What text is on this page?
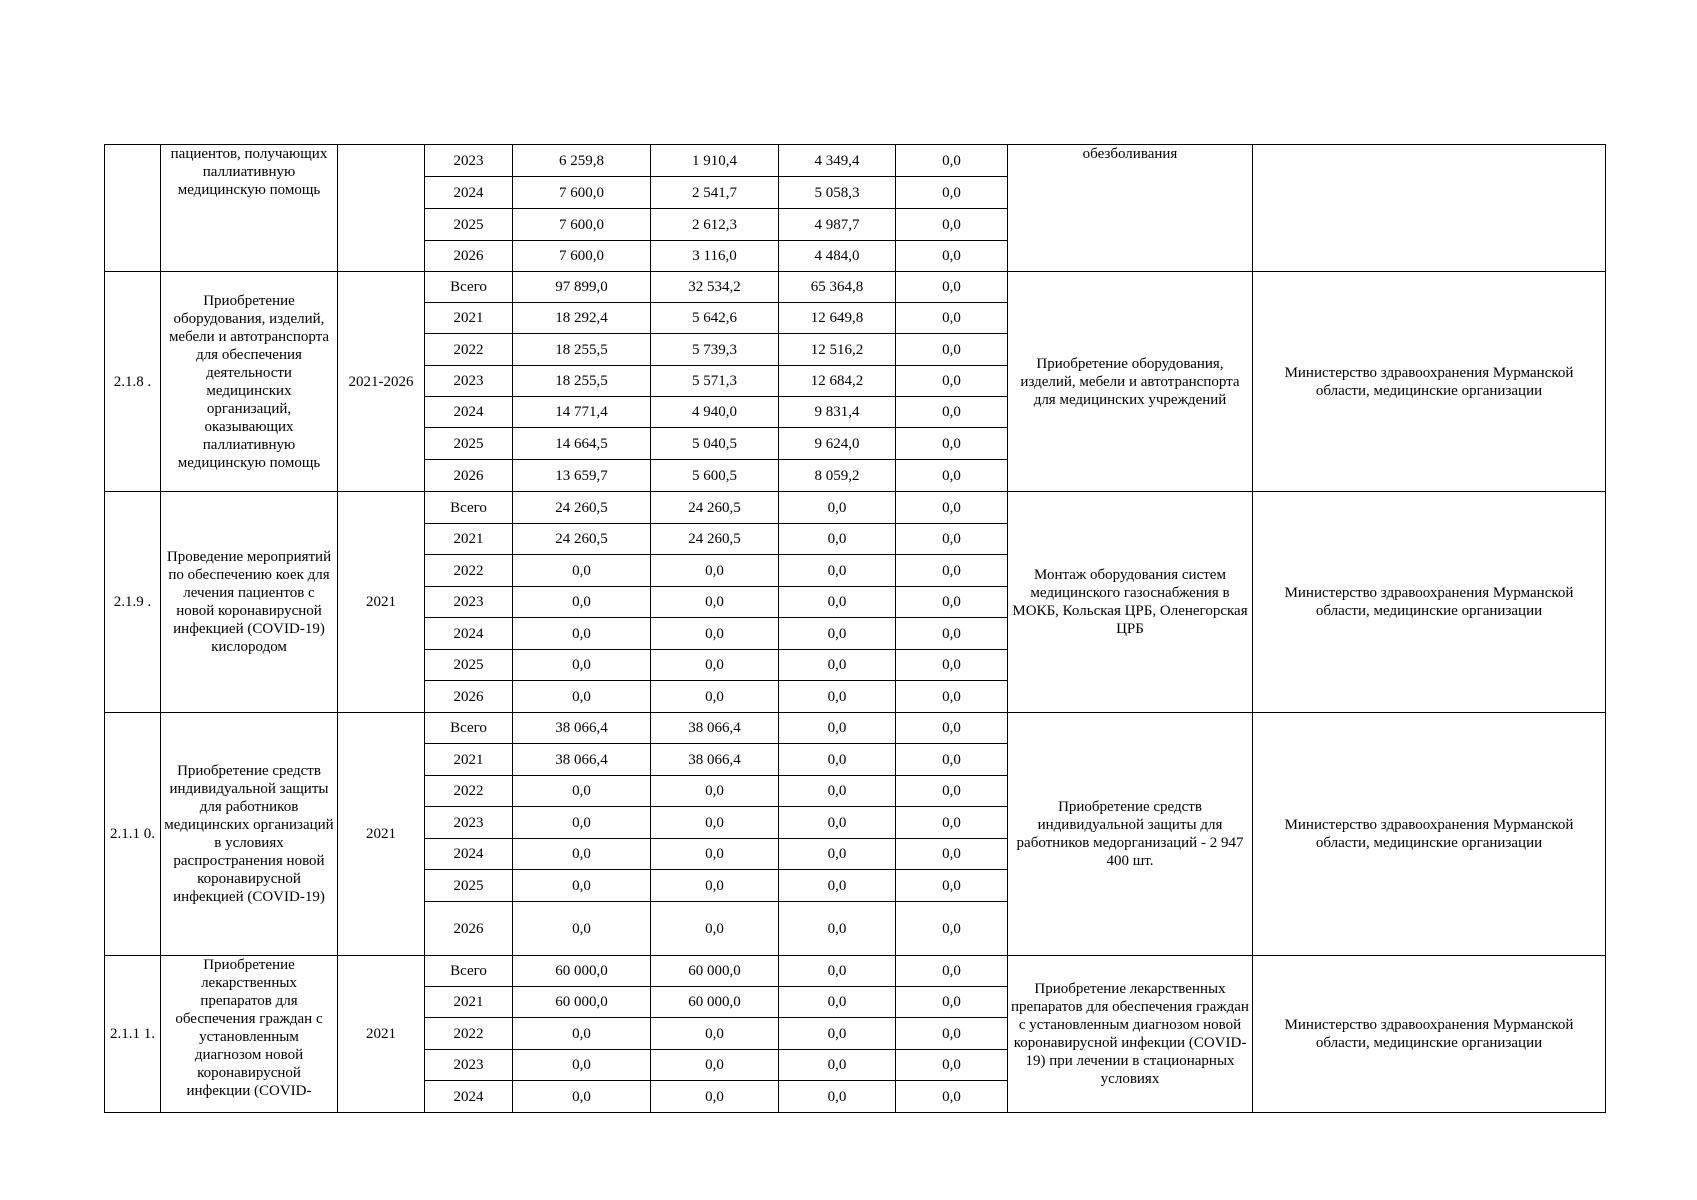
	пациентов, получающих паллиативную медицинскую помощь		2023	6 259,8	1 910,4	4 349,4	0,0	обезболивания	
			2024	7 600,0	2 541,7	5 058,3	0,0		
			2025	7 600,0	2 612,3	4 987,7	0,0		
			2026	7 600,0	3 116,0	4 484,0	0,0		
2.1.8 .	Приобретение оборудования, изделий, мебели и автотранспорта для обеспечения деятельности медицинских организаций, оказывающих паллиативную медицинскую помощь	2021-2026	Всего	97 899,0	32 534,2	65 364,8	0,0	Приобретение оборудования, изделий, мебели и автотранспорта для медицинских учреждений	Министерство здравоохранения Мурманской области, медицинские организации
			2021	18 292,4	5 642,6	12 649,8	0,0		
			2022	18 255,5	5 739,3	12 516,2	0,0		
			2023	18 255,5	5 571,3	12 684,2	0,0		
			2024	14 771,4	4 940,0	9 831,4	0,0		
			2025	14 664,5	5 040,5	9 624,0	0,0		
			2026	13 659,7	5 600,5	8 059,2	0,0		
2.1.9 .	Проведение мероприятий по обеспечению коек для лечения пациентов с новой коронавирусной инфекцией (COVID-19) кислородом	2021	Всего	24 260,5	24 260,5	0,0	0,0	Монтаж оборудования систем медицинского газоснабжения в МОКБ, Кольская ЦРБ, Оленегорская ЦРБ	Министерство здравоохранения Мурманской области, медицинские организации
			2021	24 260,5	24 260,5	0,0	0,0		
			2022	0,0	0,0	0,0	0,0		
			2023	0,0	0,0	0,0	0,0		
			2024	0,0	0,0	0,0	0,0		
			2025	0,0	0,0	0,0	0,0		
			2026	0,0	0,0	0,0	0,0		
2.1.1 0.	Приобретение средств индивидуальной защиты для работников медицинских организаций в условиях распространения новой коронавирусной инфекцией (COVID-19)	2021	Всего	38 066,4	38 066,4	0,0	0,0	Приобретение средств индивидуальной защиты для работников медорганизаций - 2 947 400 шт.	Министерство здравоохранения Мурманской области, медицинские организации
			2021	38 066,4	38 066,4	0,0	0,0		
			2022	0,0	0,0	0,0	0,0		
			2023	0,0	0,0	0,0	0,0		
			2024	0,0	0,0	0,0	0,0		
			2025	0,0	0,0	0,0	0,0		
			2026	0,0	0,0	0,0	0,0		
2.1.1 1.	Приобретение лекарственных препаратов для обеспечения граждан с установленным диагнозом новой коронавирусной инфекции (COVID-	2021	Всего	60 000,0	60 000,0	0,0	0,0	Приобретение лекарственных препаратов для обеспечения граждан с установленным диагнозом новой коронавирусной инфекции (COVID-19) при лечении в стационарных условиях	Министерство здравоохранения Мурманской области, медицинские организации
			2021	60 000,0	60 000,0	0,0	0,0		
			2022	0,0	0,0	0,0	0,0		
			2023	0,0	0,0	0,0	0,0		
			2024	0,0	0,0	0,0	0,0		
